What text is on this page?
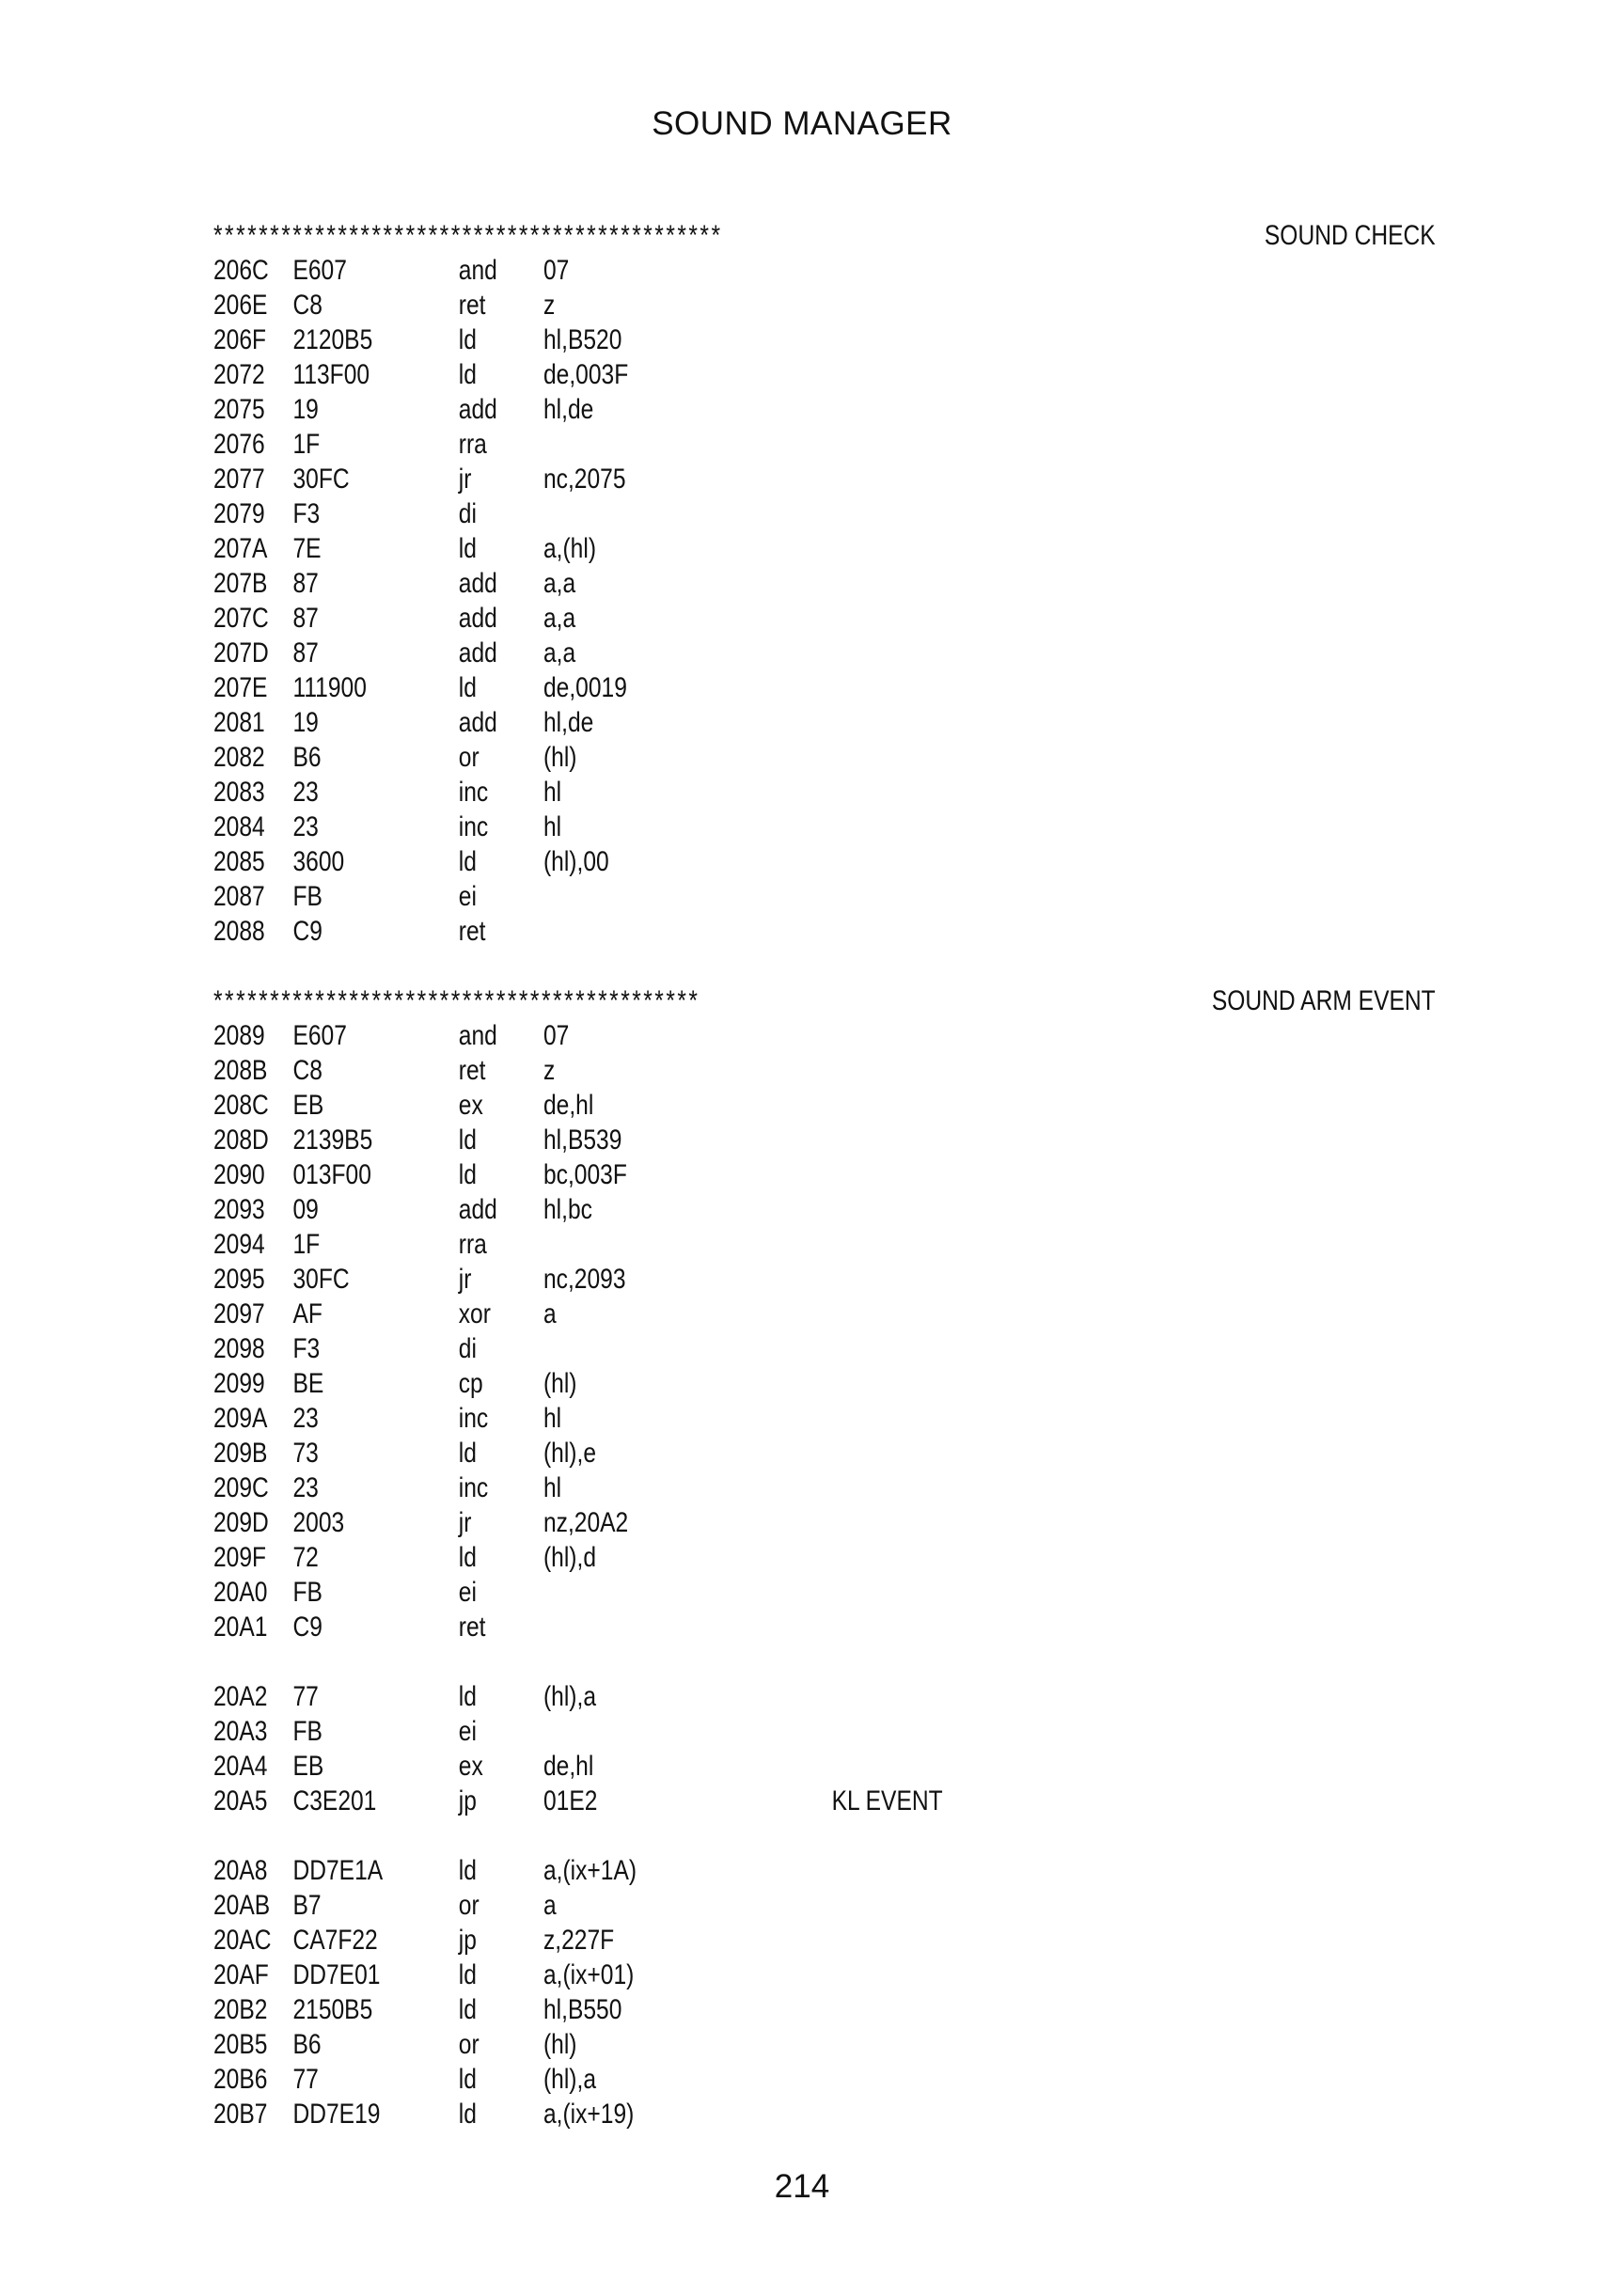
SOUND MANAGER
*********************************************	SOUND CHECK
206C E607	and 07
206E C8	ret z
206F 2120B5	ld hl,B520
2072 113F00	ld de,003F
2075 19	add hl,de
2076 1F	rra
2077 30FC	jr	nc,2075
2079 F3	di
207A 7E	ld a,(hl)
207B 87	add a,a
207C 87	add a,a
207D 87	add a,a
207E 111900	ld de,0019
2081 19	add hl,de
2082 B6	or (hl)
2083 23	inc hl
2084 23	inc hl
2085 3600	ld (hl),00
2087 FB	ei
2088 C9	ret
*******************************************	SOUND ARM EVENT
2089 E607	and 07
208B C8	ret z
208C EB	ex de,hl
208D 2139B5	ld hl,B539
2090 013F00	ld bc,003F
2093 09	add hl,bc
2094 1F	rra
2095 30FC	jr	nc,2093
2097 AF	xor a
2098 F3	di
2099 BE	cp (hl)
209A 23	inc hl
209B 73	ld (hl),e
209C 23	inc hl
209D 2003	jr	nz,20A2
209F 72	ld (hl),d
20A0 FB	ei
20A1 C9	ret
20A2 77	ld (hl),a
20A3 FB	ei
20A4 EB	ex de,hl
20A5 C3E201	jp 01E2	KL EVENT
20A8 DD7E1A	ld a,(ix+1A)
20AB B7	or a
20AC CA7F22	jp z,227F
20AF DD7E01	ld a,(ix+01)
20B2 2150B5	ld hl,B550
20B5 B6	or (hl)
20B6 77	ld (hl),a
20B7 DD7E19	ld a,(ix+19)
214
